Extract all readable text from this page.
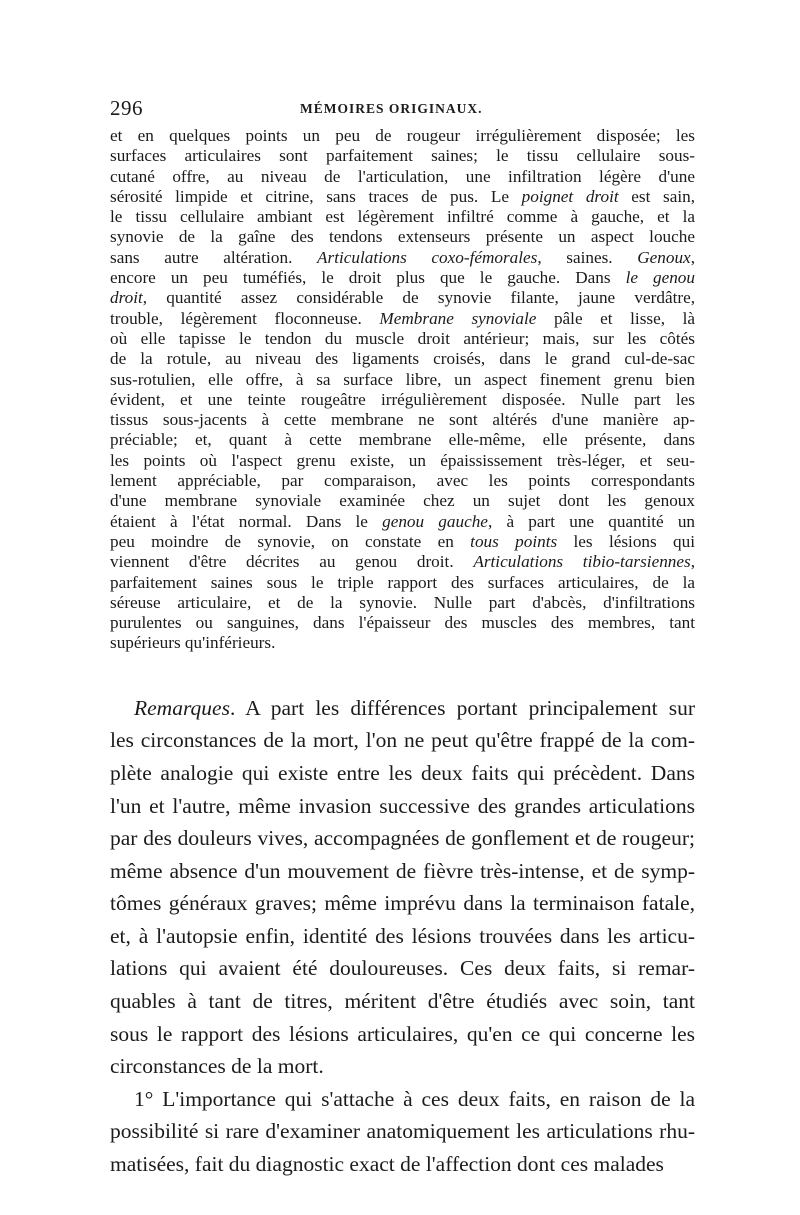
296	MÉMOIRES ORIGINAUX.
et en quelques points un peu de rougeur irrégulièrement disposée; les
surfaces articulaires sont parfaitement saines; le tissu cellulaire sous-
cutané offre, au niveau de l'articulation, une infiltration légère d'une
sérosité limpide et citrine, sans traces de pus. Le poignet droit est sain,
le tissu cellulaire ambiant est légèrement infiltré comme à gauche, et la
synovie de la gaîne des tendons extenseurs présente un aspect louche
sans autre altération. Articulations coxo-fémorales, saines. Genoux,
encore un peu tuméfiés, le droit plus que le gauche. Dans le genou
droit, quantité assez considérable de synovie filante, jaune verdâtre,
trouble, légèrement floconneuse. Membrane synoviale pâle et lisse, là
où elle tapisse le tendon du muscle droit antérieur; mais, sur les côtés
de la rotule, au niveau des ligaments croisés, dans le grand cul-de-sac
sus-rotulien, elle offre, à sa surface libre, un aspect finement grenu bien
évident, et une teinte rougeâtre irrégulièrement disposée. Nulle part les
tissus sous-jacents à cette membrane ne sont altérés d'une manière ap-
préciable; et, quant à cette membrane elle-même, elle présente, dans
les points où l'aspect grenu existe, un épaississement très-léger, et seu-
lement appréciable, par comparaison, avec les points correspondants
d'une membrane synoviale examinée chez un sujet dont les genoux
étaient à l'état normal. Dans le genou gauche, à part une quantité un
peu moindre de synovie, on constate en tous points les lésions qui
viennent d'être décrites au genou droit. Articulations tibio-tarsiennes,
parfaitement saines sous le triple rapport des surfaces articulaires, de la
séreuse articulaire, et de la synovie. Nulle part d'abcès, d'infiltrations
purulentes ou sanguines, dans l'épaisseur des muscles des membres, tant
supérieurs qu'inférieurs.
Remarques. A part les différences portant principalement sur
les circonstances de la mort, l'on ne peut qu'être frappé de la com-
plète analogie qui existe entre les deux faits qui précèdent. Dans
l'un et l'autre, même invasion successive des grandes articulations
par des douleurs vives, accompagnées de gonflement et de rougeur;
même absence d'un mouvement de fièvre très-intense, et de symp-
tômes généraux graves; même imprévu dans la terminaison fatale,
et, à l'autopsie enfin, identité des lésions trouvées dans les articu-
lations qui avaient été douloureuses. Ces deux faits, si remar-
quables à tant de titres, méritent d'être étudiés avec soin, tant
sous le rapport des lésions articulaires, qu'en ce qui concerne les
circonstances de la mort.
1° L'importance qui s'attache à ces deux faits, en raison de la
possibilité si rare d'examiner anatomiquement les articulations rhu-
matisées, fait du diagnostic exact de l'affection dont ces malades
